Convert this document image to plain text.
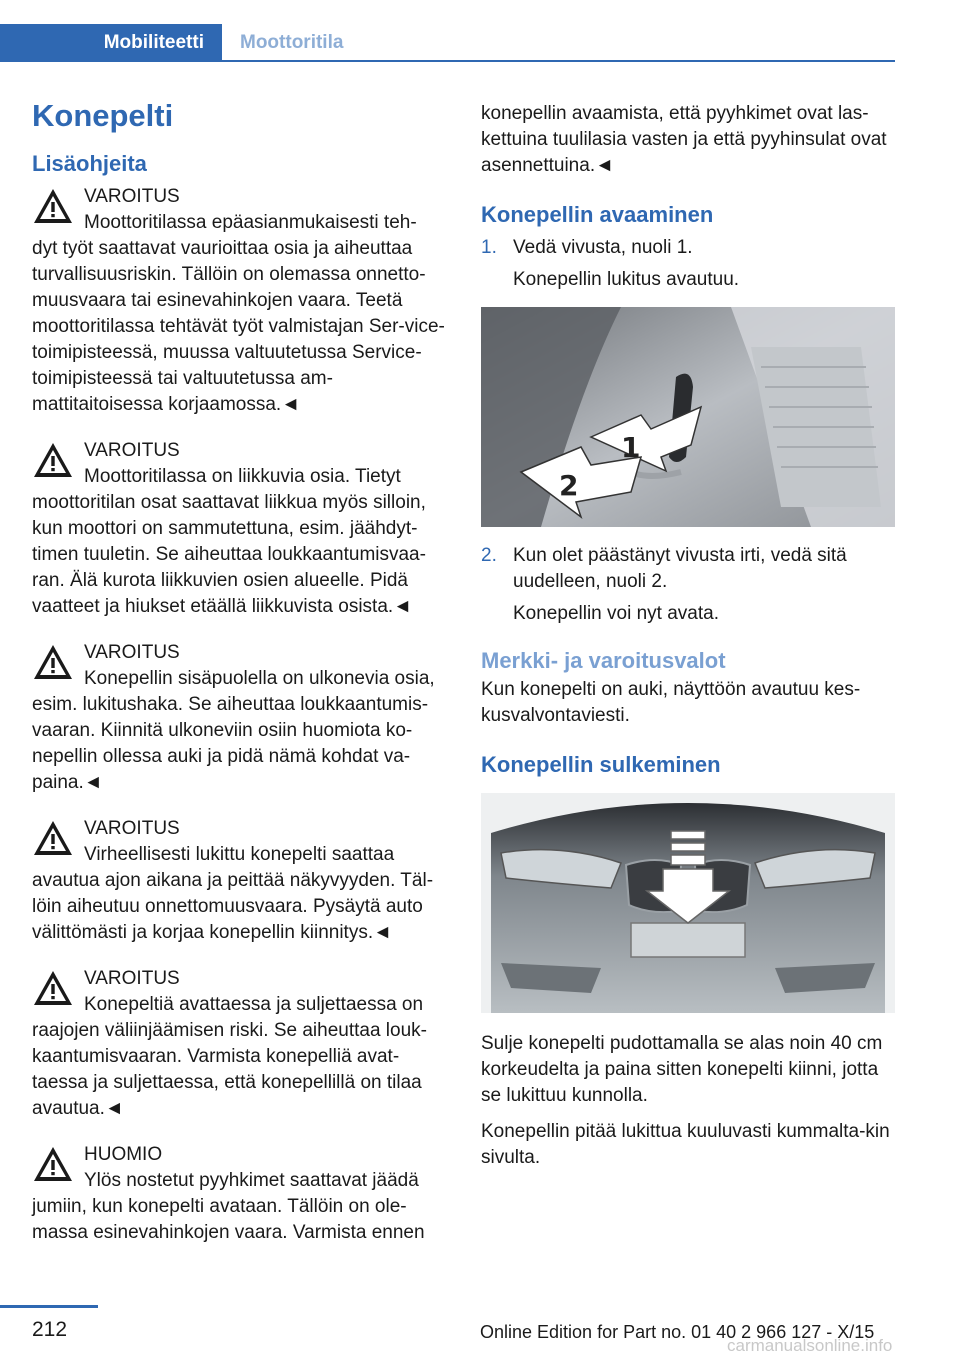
Mobiliteetti	Moottoritila
Konepelti
Lisäohjeita

VAROITUS

Moottoritilassa epäasianmukaisesti teh-

dyt työt saattavat vaurioittaa osia ja aiheuttaa turvallisuusriskin. Tällöin on olemassa onnetto-muusvaara tai esinevahinkojen vaara. Teetä moottoritilassa tehtävät työt valmistajan Ser-vice-toimipisteessä, muussa valtuutetussa Service-toimipisteessä tai valtuutetussa am-mattitaitoisessa korjaamossa.◄

VAROITUS

Moottoritilassa on liikkuvia osia. Tietyt

moottoritilan osat saattavat liikkua myös silloin, kun moottori on sammutettuna, esim. jäähdyt-timen tuuletin. Se aiheuttaa loukkaantumisvaa-ran. Älä kurota liikkuvien osien alueelle. Pidä vaatteet ja hiukset etäällä liikkuvista osista.◄

VAROITUS

Konepellin sisäpuolella on ulkonevia osia,

esim. lukitushaka. Se aiheuttaa loukkaantumis-vaaran. Kiinnitä ulkoneviin osiin huomiota ko-nepellin ollessa auki ja pidä nämä kohdat va-paina.◄

VAROITUS

Virheellisesti lukittu konepelti saattaa

avautua ajon aikana ja peittää näkyvyyden. Täl-löin aiheutuu onnettomuusvaara. Pysäytä auto välittömästi ja korjaa konepellin kiinnitys.◄

VAROITUS

Konepeltiä avattaessa ja suljettaessa on

raajojen väliinjäämisen riski. Se aiheuttaa louk-kaantumisvaaran. Varmista konepelliä avat-taessa ja suljettaessa, että konepellillä on tilaa avautua.◄

HUOMIO

Ylös nostetut pyyhkimet saattavat jäädä

jumiin, kun konepelti avataan. Tällöin on ole-massa esinevahinkojen vaara. Varmista ennen

konepellin avaamista, että pyyhkimet ovat las-kettuina tuulilasia vasten ja että pyyhinsulat ovat asennettuina.◄

Konepellin avaaminen
1. Vedä vivusta, nuoli 1.

Konepellin lukitus avautuu.

1
2
2. Kun olet päästänyt vivusta irti, vedä sitä uudelleen, nuoli 2.

Konepellin voi nyt avata.

Merkki- ja varoitusvalot

Kun konepelti on auki, näyttöön avautuu kes-kusvalvontaviesti.

Konepellin sulkeminen

Sulje konepelti pudottamalla se alas noin 40 cm korkeudelta ja paina sitten konepelti kiinni, jotta se lukittuu kunnolla.

Konepellin pitää lukittua kuuluvasti kummalta-kin sivulta.

212	Online Edition for Part no. 01 40 2 966 127 - X/15
carmanualsonline.info
